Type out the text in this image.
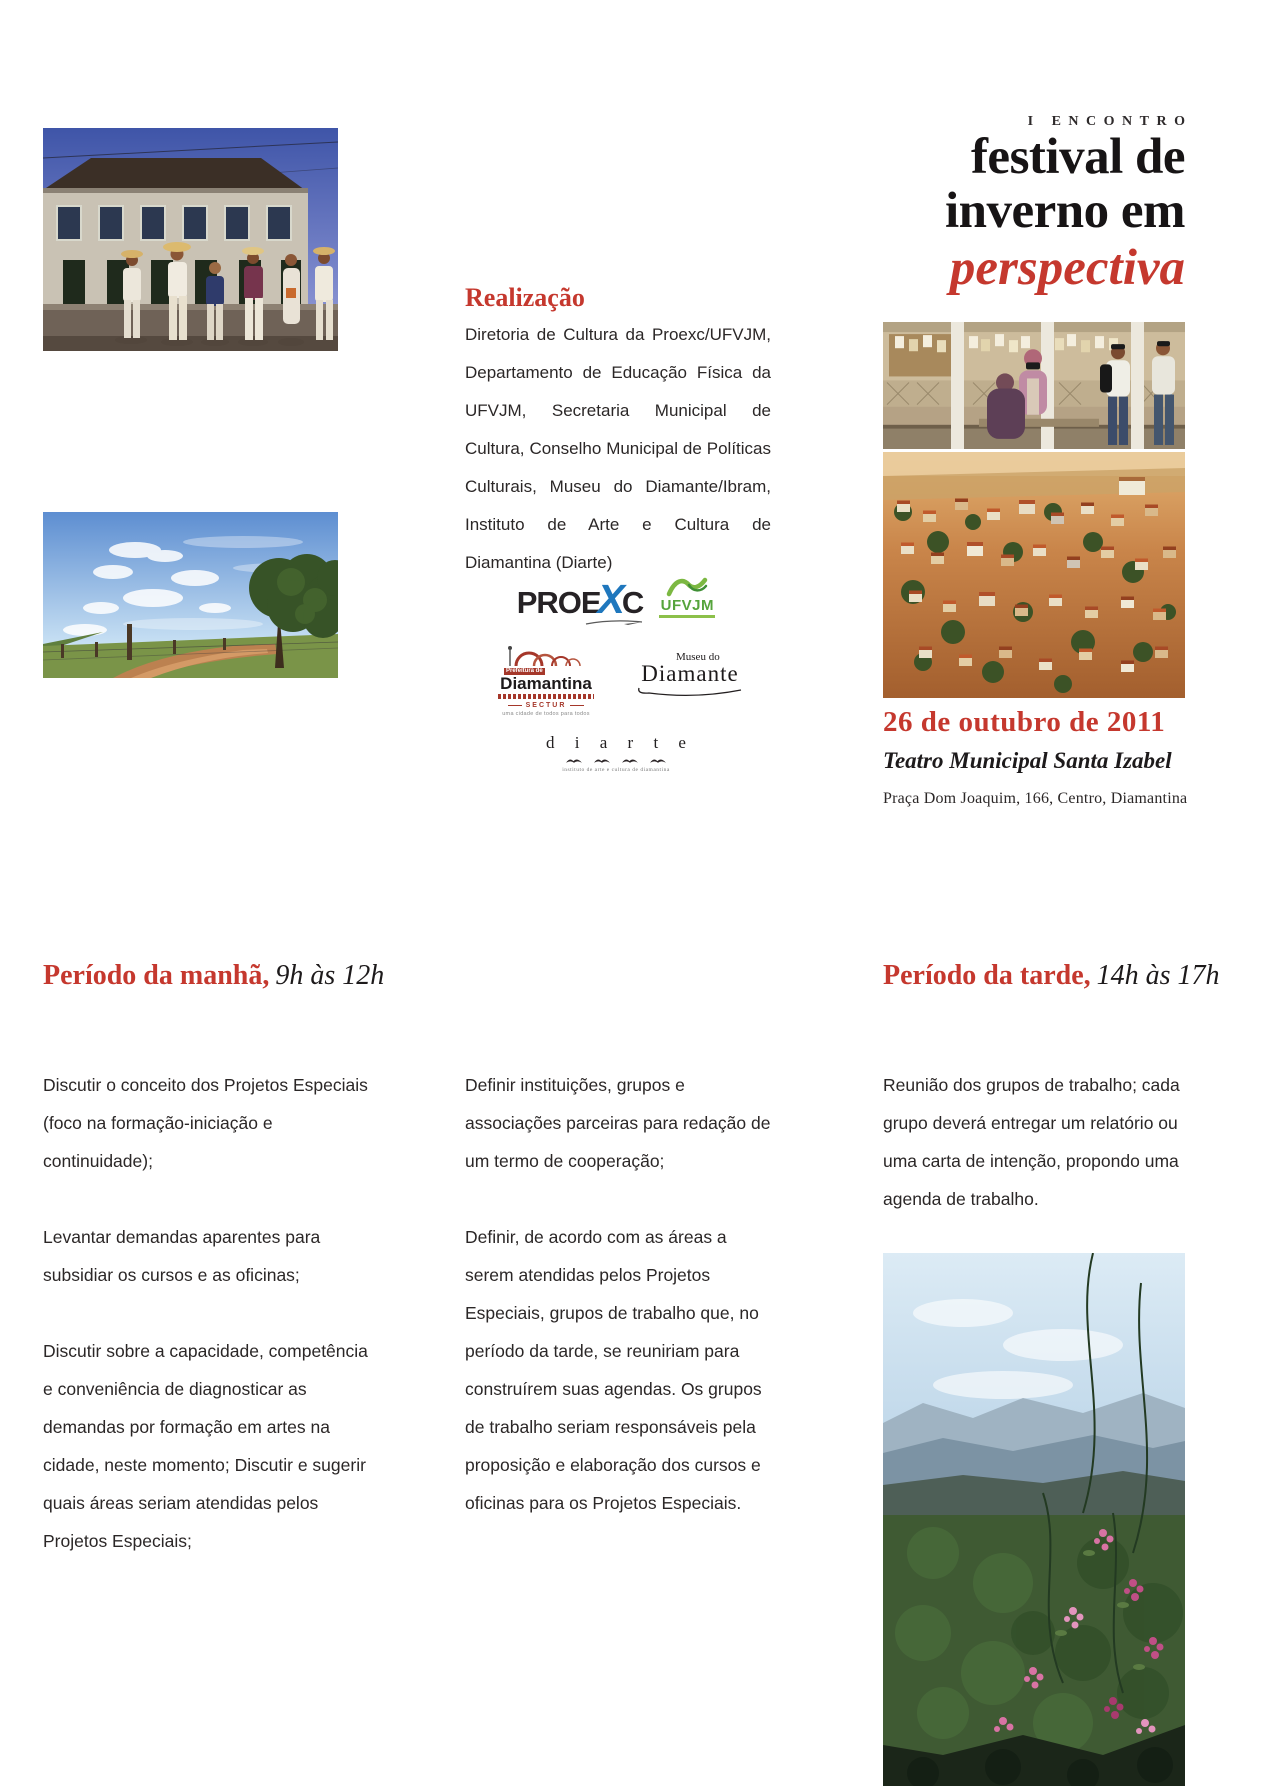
Realização

Diretoria de Cultura da Proexc/UFVJM, Departamento de Educação Física da UFVJM, Secretaria Municipal de Cultura, Conselho Municipal de Políticas Culturais, Museu do Diamante/Ibram, Instituto de Arte e Cultura de Diamantina (Diarte)

PROEXC UFVJM
Prefeitura de
Diamantina
SECTUR
uma cidade de todos para todos
Museu do
Diamante
d i a r t e
instituto de arte e cultura de diamantina
I ENCONTRO
festival de
inverno em
perspectiva
26 de outubro de 2011
Teatro Municipal Santa Izabel
Praça Dom Joaquim, 166, Centro, Diamantina
Período da manhã, 9h às 12h	Período da tarde, 14h às 17h

Discutir o conceito dos Projetos Especiais (foco na formação-iniciação e continuidade);

Levantar demandas aparentes para subsidiar os cursos e as oficinas;

Discutir sobre a capacidade, competência e conveniência de diagnosticar as demandas por formação em artes na cidade, neste momento; Discutir e sugerir quais áreas seriam atendidas pelos Projetos Especiais;

Definir instituições, grupos e associações parceiras para redação de um termo de cooperação;

Definir, de acordo com as áreas a serem atendidas pelos Projetos Especiais, grupos de trabalho que, no período da tarde, se reuniriam para construírem suas agendas. Os grupos de trabalho seriam responsáveis pela proposição e elaboração dos cursos e oficinas para os Projetos Especiais.

Reunião dos grupos de trabalho; cada grupo deverá entregar um relatório ou uma carta de intenção, propondo uma agenda de trabalho.
